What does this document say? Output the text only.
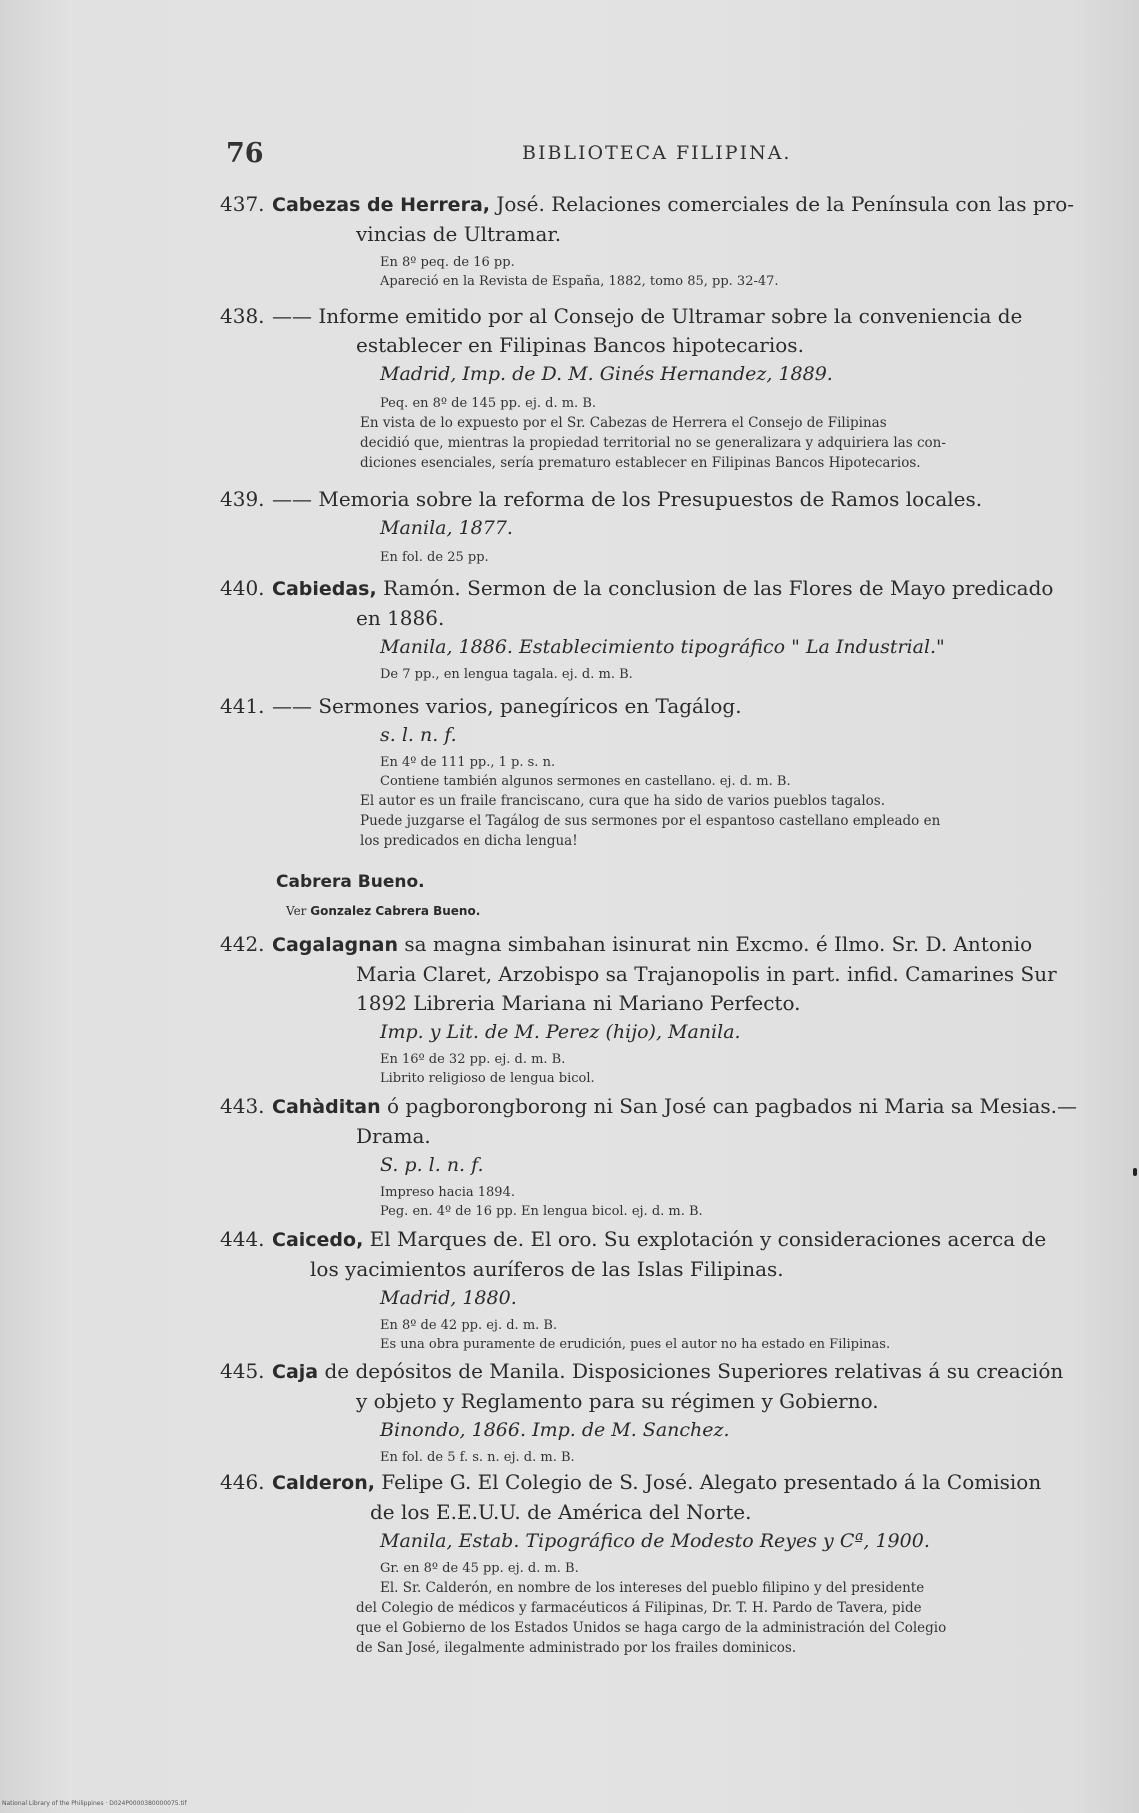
76	BIBLIOTECA FILIPINA.
437. Cabezas de Herrera, José. Relaciones comerciales de la Península con las pro-
vincias de Ultramar.
En 8º peq. de 16 pp.
Apareció en la Revista de España, 1882, tomo 85, pp. 32-47.
438. —— Informe emitido por al Consejo de Ultramar sobre la conveniencia de
establecer en Filipinas Bancos hipotecarios.
Madrid, Imp. de D. M. Ginés Hernandez, 1889.
Peq. en 8º de 145 pp. ej. d. m. B.
En vista de lo expuesto por el Sr. Cabezas de Herrera el Consejo de Filipinas
decidió que, mientras la propiedad territorial no se generalizara y adquiriera las con-
diciones esenciales, sería prematuro establecer en Filipinas Bancos Hipotecarios.
439. —— Memoria sobre la reforma de los Presupuestos de Ramos locales.
Manila, 1877.
En fol. de 25 pp.
440. Cabiedas, Ramón. Sermon de la conclusion de las Flores de Mayo predicado
en 1886.
Manila, 1886. Establecimiento tipográfico " La Industrial."
De 7 pp., en lengua tagala. ej. d. m. B.
441. —— Sermones varios, panegíricos en Tagálog.
s. l. n. f.
En 4º de 111 pp., 1 p. s. n.
Contiene también algunos sermones en castellano. ej. d. m. B.
El autor es un fraile franciscano, cura que ha sido de varios pueblos tagalos.
Puede juzgarse el Tagálog de sus sermones por el espantoso castellano empleado en
los predicados en dicha lengua!
Cabrera Bueno.
Ver Gonzalez Cabrera Bueno.
442. Cagalagnan sa magna simbahan isinurat nin Excmo. é Ilmo. Sr. D. Antonio
Maria Claret, Arzobispo sa Trajanopolis in part. infid. Camarines Sur
1892 Libreria Mariana ni Mariano Perfecto.
Imp. y Lit. de M. Perez (hijo), Manila.
En 16º de 32 pp. ej. d. m. B.
Librito religioso de lengua bicol.
443. Cahàditan ó pagborongborong ni San José can pagbados ni Maria sa Mesias.—
Drama.
S. p. l. n. f.
Impreso hacia 1894.
Peg. en. 4º de 16 pp. En lengua bicol. ej. d. m. B.
444. Caicedo, El Marques de. El oro. Su explotación y consideraciones acerca de
los yacimientos auríferos de las Islas Filipinas.
Madrid, 1880.
En 8º de 42 pp. ej. d. m. B.
Es una obra puramente de erudición, pues el autor no ha estado en Filipinas.
445. Caja de depósitos de Manila. Disposiciones Superiores relativas á su creación
y objeto y Reglamento para su régimen y Gobierno.
Binondo, 1866. Imp. de M. Sanchez.
En fol. de 5 f. s. n. ej. d. m. B.
446. Calderon, Felipe G. El Colegio de S. José. Alegato presentado á la Comision
de los E.E.U.U. de América del Norte.
Manila, Estab. Tipográfico de Modesto Reyes y Cª, 1900.
Gr. en 8º de 45 pp. ej. d. m. B.
El. Sr. Calderón, en nombre de los intereses del pueblo filipino y del presidente
del Colegio de médicos y farmacéuticos á Filipinas, Dr. T. H. Pardo de Tavera, pide
que el Gobierno de los Estados Unidos se haga cargo de la administración del Colegio
de San José, ilegalmente administrado por los frailes dominicos.
National Library of the Philippines · D024P0000380000075.tif
